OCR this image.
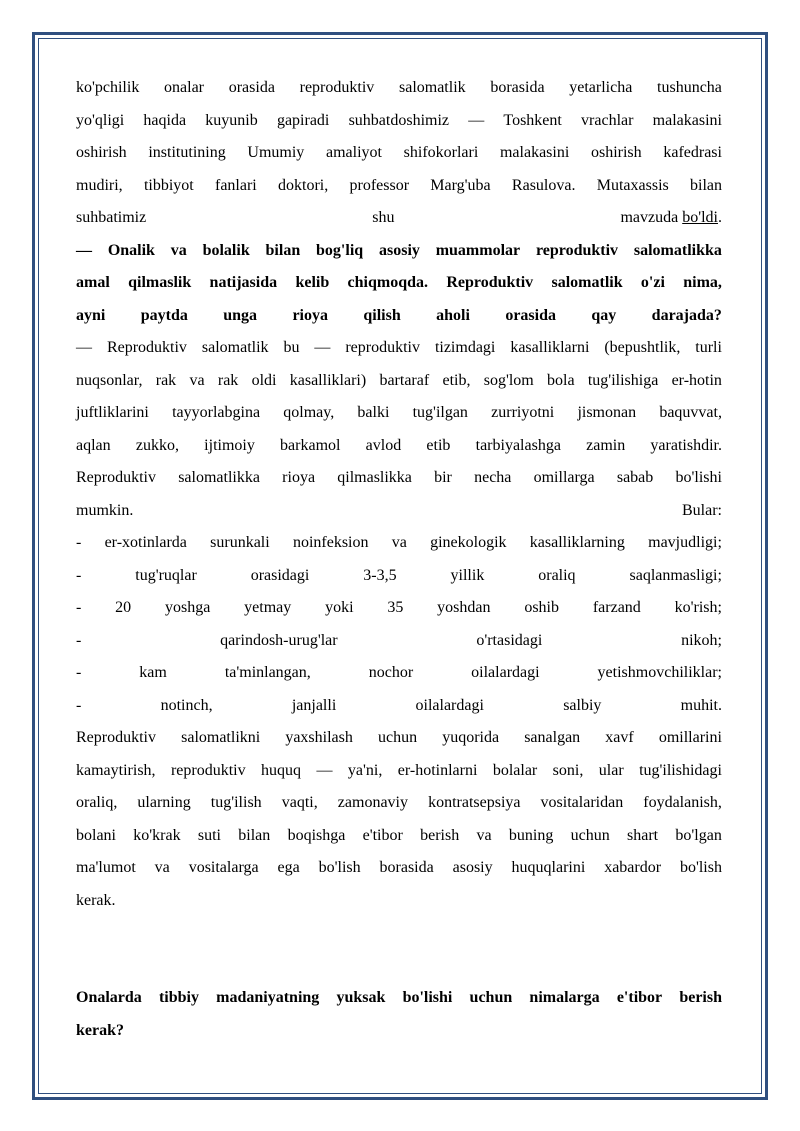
ko'pchilik onalar orasida reproduktiv salomatlik borasida yetarlicha tushuncha
yo'qligi haqida kuyunib gapiradi suhbatdoshimiz — Toshkent vrachlar malakasini
oshirish institutining Umumiy amaliyot shifokorlari malakasini oshirish kafedrasi
mudiri, tibbiyot fanlari doktori, professor Marg'uba Rasulova. Mutaxassis bilan
suhbatimiz	shu	mavzuda bo'ldi.
— Onalik va bolalik bilan bog'liq asosiy muammolar reproduktiv salomatlikka
amal qilmaslik natijasida kelib chiqmoqda. Reproduktiv salomatlik o'zi nima,
ayni paytda unga rioya qilish aholi orasida qay darajada?
— Reproduktiv salomatlik bu — reproduktiv tizimdagi kasalliklarni (bepushtlik, turli
nuqsonlar, rak va rak oldi kasalliklari) bartaraf etib, sog'lom bola tug'ilishiga er-hotin
juftliklarini tayyorlabgina qolmay, balki tug'ilgan zurriyotni jismonan baquvvat,
aqlan zukko, ijtimoiy barkamol avlod etib tarbiyalashga zamin yaratishdir.
Reproduktiv salomatlikka rioya qilmaslikka bir necha omillarga sabab bo'lishi
mumkin.	Bular:
- er-xotinlarda surunkali noinfeksion va ginekologik kasalliklarning mavjudligi;
-	tug'ruqlar	orasidagi	3-3,5	yillik	oraliq	saqlanmasligi;
- 20 yoshga yetmay yoki 35 yoshdan oshib farzand ko'rish;
-	qarindosh-urug'lar	o'rtasidagi	nikoh;
-	kam	ta'minlangan,	nochor	oilalardagi	yetishmovchiliklar;
-	notinch,	janjalli	oilalardagi	salbiy	muhit.
Reproduktiv salomatlikni yaxshilash uchun yuqorida sanalgan xavf omillarini
kamaytirish, reproduktiv huquq — ya'ni, er-hotinlarni bolalar soni, ular tug'ilishidagi
oraliq, ularning tug'ilish vaqti, zamonaviy kontratsepsiya vositalaridan foydalanish,
bolani ko'krak suti bilan boqishga e'tibor berish va buning uchun shart bo'lgan
ma'lumot va vositalarga ega bo'lish borasida asosiy huquqlarini xabardor bo'lish
kerak.
Onalarda tibbiy madaniyatning yuksak bo'lishi uchun nimalarga e'tibor berish
kerak?
